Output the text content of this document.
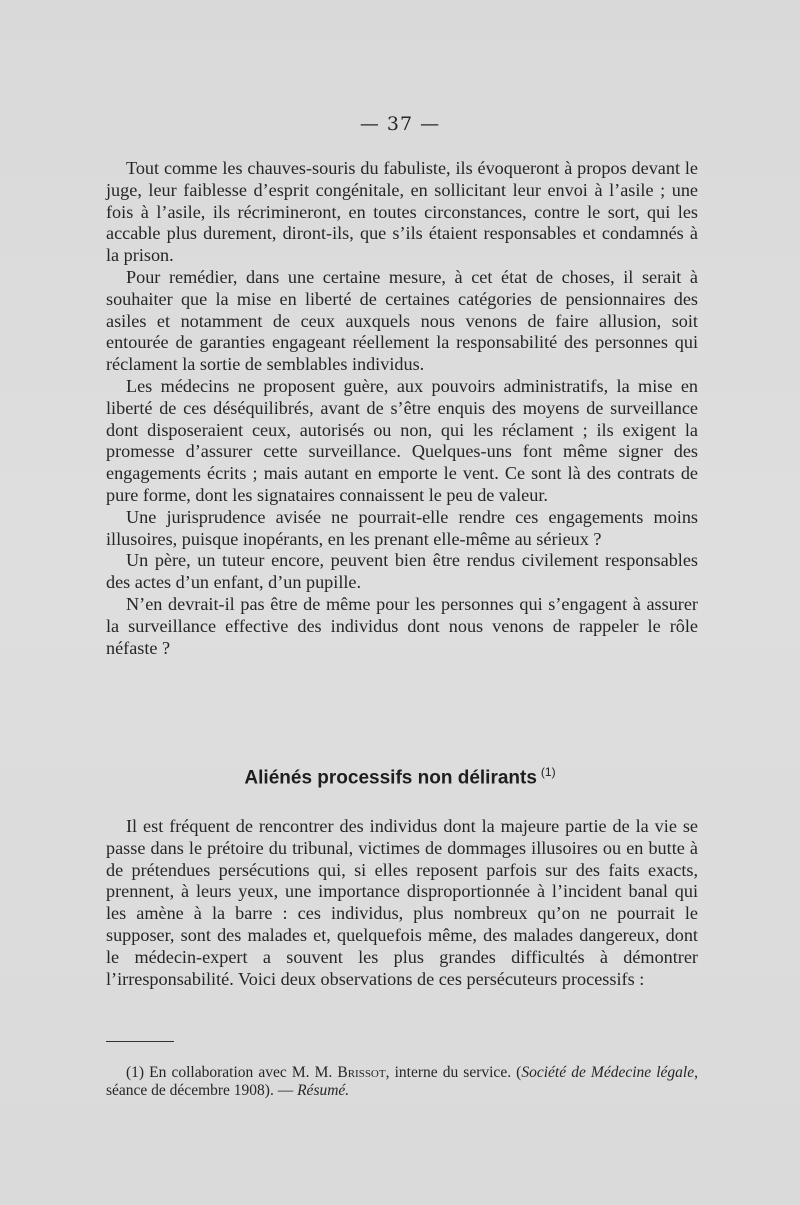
— 37 —

Tout comme les chauves-souris du fabuliste, ils évoqueront à propos devant le juge, leur faiblesse d’esprit congénitale, en sollicitant leur envoi à l’asile ; une fois à l’asile, ils récrimineront, en toutes circonstances, contre le sort, qui les accable plus durement, diront-ils, que s’ils étaient responsables et condamnés à la prison.

Pour remédier, dans une certaine mesure, à cet état de choses, il serait à souhaiter que la mise en liberté de certaines catégories de pensionnaires des asiles et notamment de ceux auxquels nous venons de faire allusion, soit entourée de garanties engageant réellement la responsabilité des personnes qui réclament la sortie de semblables individus.

Les médecins ne proposent guère, aux pouvoirs administratifs, la mise en liberté de ces déséquilibrés, avant de s’être enquis des moyens de surveillance dont disposeraient ceux, autorisés ou non, qui les réclament ; ils exigent la promesse d’assurer cette surveillance. Quelques-uns font même signer des engagements écrits ; mais autant en emporte le vent. Ce sont là des contrats de pure forme, dont les signataires connaissent le peu de valeur.

Une jurisprudence avisée ne pourrait-elle rendre ces engagements moins illusoires, puisque inopérants, en les prenant elle-même au sérieux ?

Un père, un tuteur encore, peuvent bien être rendus civilement responsables des actes d’un enfant, d’un pupille.

N’en devrait-il pas être de même pour les personnes qui s’engagent à assurer la surveillance effective des individus dont nous venons de rappeler le rôle néfaste ?

Aliénés processifs non délirants $^{(1)}$

Il est fréquent de rencontrer des individus dont la majeure partie de la vie se passe dans le prétoire du tribunal, victimes de dommages illusoires ou en butte à de prétendues persécutions qui, si elles reposent parfois sur des faits exacts, prennent, à leurs yeux, une importance disproportionnée à l’incident banal qui les amène à la barre : ces individus, plus nombreux qu’on ne pourrait le supposer, sont des malades et, quelquefois même, des malades dangereux, dont le médecin-expert a souvent les plus grandes difficultés à démontrer l’irresponsabilité. Voici deux observations de ces persécuteurs processifs :

(1) En collaboration avec M. M. Brissot, interne du service. (Société de Médecine légale, séance de décembre 1908). — Résumé.
